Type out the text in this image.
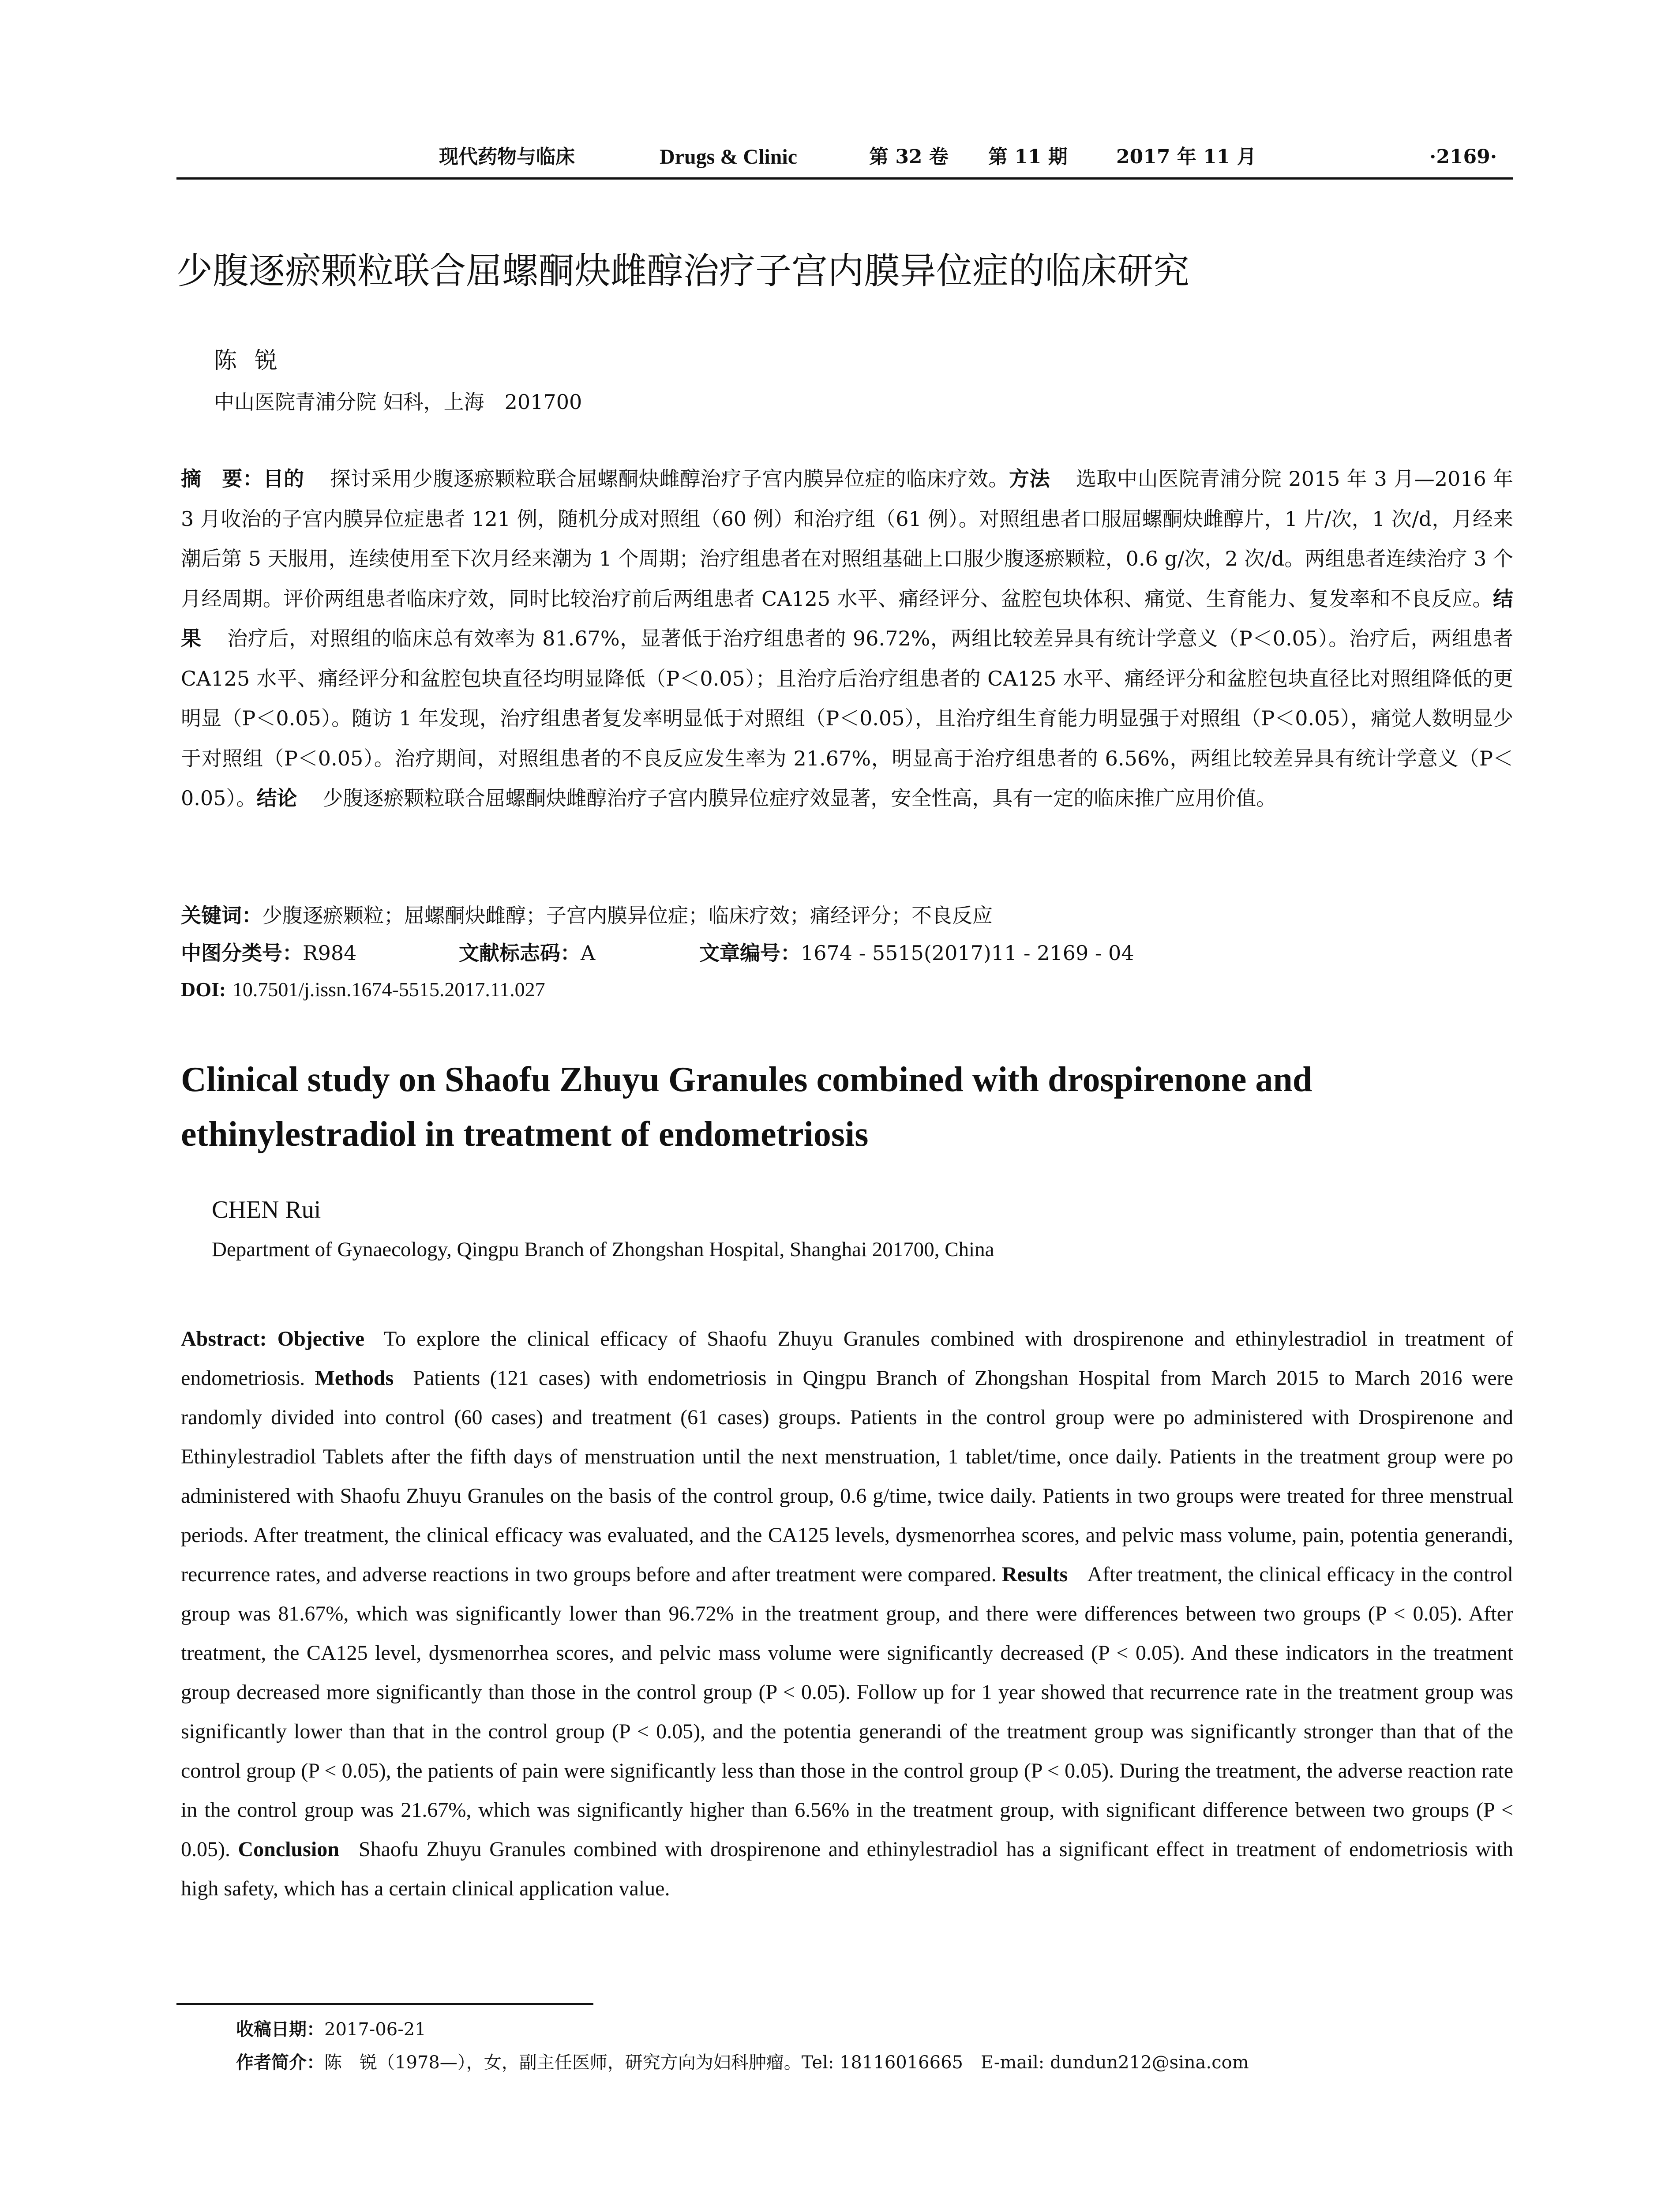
现代药物与临床	Drugs & Clinic	第 32 卷 第 11 期	2017 年 11 月	·2169·
少腹逐瘀颗粒联合屈螺酮炔雌醇治疗子宫内膜异位症的临床研究
陈锐
中山医院青浦分院 妇科，上海　201700
摘　要：目的 探讨采用少腹逐瘀颗粒联合屈螺酮炔雌醇治疗子宫内膜异位症的临床疗效。方法 选取中山医院青浦分院 2015 年 3 月—2016 年 3 月收治的子宫内膜异位症患者 121 例，随机分成对照组（60 例）和治疗组（61 例）。对照组患者口服屈螺酮炔雌醇片，1 片/次，1 次/d，月经来潮后第 5 天服用，连续使用至下次月经来潮为 1 个周期；治疗组患者在对照组基础上口服少腹逐瘀颗粒，0.6 g/次，2 次/d。两组患者连续治疗 3 个月经周期。评价两组患者临床疗效，同时比较治疗前后两组患者 CA125 水平、痛经评分、盆腔包块体积、痛觉、生育能力、复发率和不良反应。结果 治疗后，对照组的临床总有效率为 81.67%，显著低于治疗组患者的 96.72%，两组比较差异具有统计学意义（P＜0.05）。治疗后，两组患者 CA125 水平、痛经评分和盆腔包块直径均明显降低（P＜0.05）；且治疗后治疗组患者的 CA125 水平、痛经评分和盆腔包块直径比对照组降低的更明显（P＜0.05）。随访 1 年发现，治疗组患者复发率明显低于对照组（P＜0.05），且治疗组生育能力明显强于对照组（P＜0.05），痛觉人数明显少于对照组（P＜0.05）。治疗期间，对照组患者的不良反应发生率为 21.67%，明显高于治疗组患者的 6.56%，两组比较差异具有统计学意义（P＜0.05）。结论 少腹逐瘀颗粒联合屈螺酮炔雌醇治疗子宫内膜异位症疗效显著，安全性高，具有一定的临床推广应用价值。
关键词：少腹逐瘀颗粒；屈螺酮炔雌醇；子宫内膜异位症；临床疗效；痛经评分；不良反应
中图分类号：R984	文献标志码：A	文章编号：1674 - 5515(2017)11 - 2169 - 04
DOI: 10.7501/j.issn.1674-5515.2017.11.027
Clinical study on Shaofu Zhuyu Granules combined with drospirenone and ethinylestradiol in treatment of endometriosis
CHEN Rui
Department of Gynaecology, Qingpu Branch of Zhongshan Hospital, Shanghai 201700, China
Abstract: Objective To explore the clinical efficacy of Shaofu Zhuyu Granules combined with drospirenone and ethinylestradiol in treatment of endometriosis. Methods Patients (121 cases) with endometriosis in Qingpu Branch of Zhongshan Hospital from March 2015 to March 2016 were randomly divided into control (60 cases) and treatment (61 cases) groups. Patients in the control group were po administered with Drospirenone and Ethinylestradiol Tablets after the fifth days of menstruation until the next menstruation, 1 tablet/time, once daily. Patients in the treatment group were po administered with Shaofu Zhuyu Granules on the basis of the control group, 0.6 g/time, twice daily. Patients in two groups were treated for three menstrual periods. After treatment, the clinical efficacy was evaluated, and the CA125 levels, dysmenorrhea scores, and pelvic mass volume, pain, potentia generandi, recurrence rates, and adverse reactions in two groups before and after treatment were compared. Results After treatment, the clinical efficacy in the control group was 81.67%, which was significantly lower than 96.72% in the treatment group, and there were differences between two groups (P < 0.05). After treatment, the CA125 level, dysmenorrhea scores, and pelvic mass volume were significantly decreased (P < 0.05). And these indicators in the treatment group decreased more significantly than those in the control group (P < 0.05). Follow up for 1 year showed that recurrence rate in the treatment group was significantly lower than that in the control group (P < 0.05), and the potentia generandi of the treatment group was significantly stronger than that of the control group (P < 0.05), the patients of pain were significantly less than those in the control group (P < 0.05). During the treatment, the adverse reaction rate in the control group was 21.67%, which was significantly higher than 6.56% in the treatment group, with significant difference between two groups (P < 0.05). Conclusion Shaofu Zhuyu Granules combined with drospirenone and ethinylestradiol has a significant effect in treatment of endometriosis with high safety, which has a certain clinical application value.
收稿日期：2017-06-21
作者简介：陈　锐（1978—），女，副主任医师，研究方向为妇科肿瘤。Tel: 18116016665　E-mail: dundun212@sina.com
